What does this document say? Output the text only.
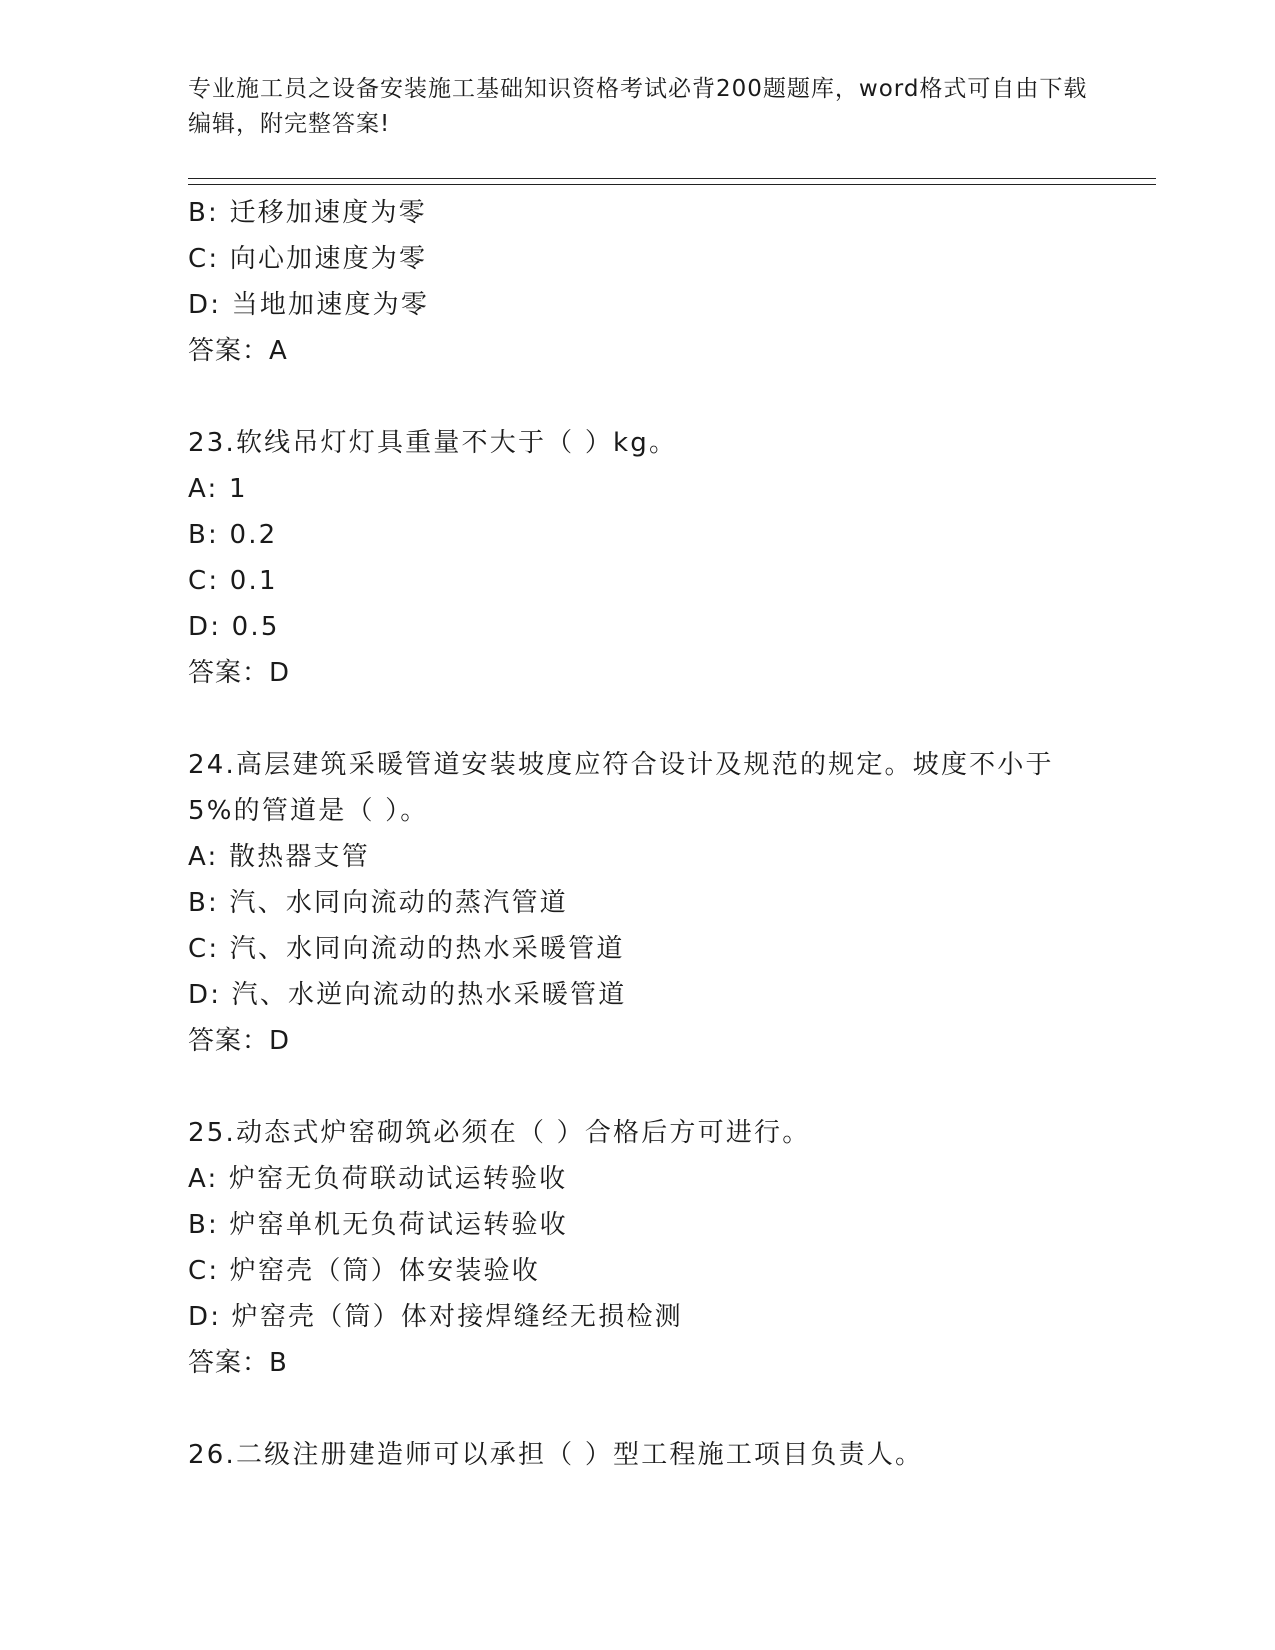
专业施工员之设备安装施工基础知识资格考试必背200题题库，word格式可自由下载编辑，附完整答案!
B: 迁移加速度为零
C: 向心加速度为零
D: 当地加速度为零
答案：A
23.软线吊灯灯具重量不大于（ ）kg。
A: 1
B: 0.2
C: 0.1
D: 0.5
答案：D
24.高层建筑采暖管道安装坡度应符合设计及规范的规定。坡度不小于
5%的管道是（ ）。
A: 散热器支管
B: 汽、水同向流动的蒸汽管道
C: 汽、水同向流动的热水采暖管道
D: 汽、水逆向流动的热水采暖管道
答案：D
25.动态式炉窑砌筑必须在（ ）合格后方可进行。
A: 炉窑无负荷联动试运转验收
B: 炉窑单机无负荷试运转验收
C: 炉窑壳（筒）体安装验收
D: 炉窑壳（筒）体对接焊缝经无损检测
答案：B
26.二级注册建造师可以承担（ ）型工程施工项目负责人。
